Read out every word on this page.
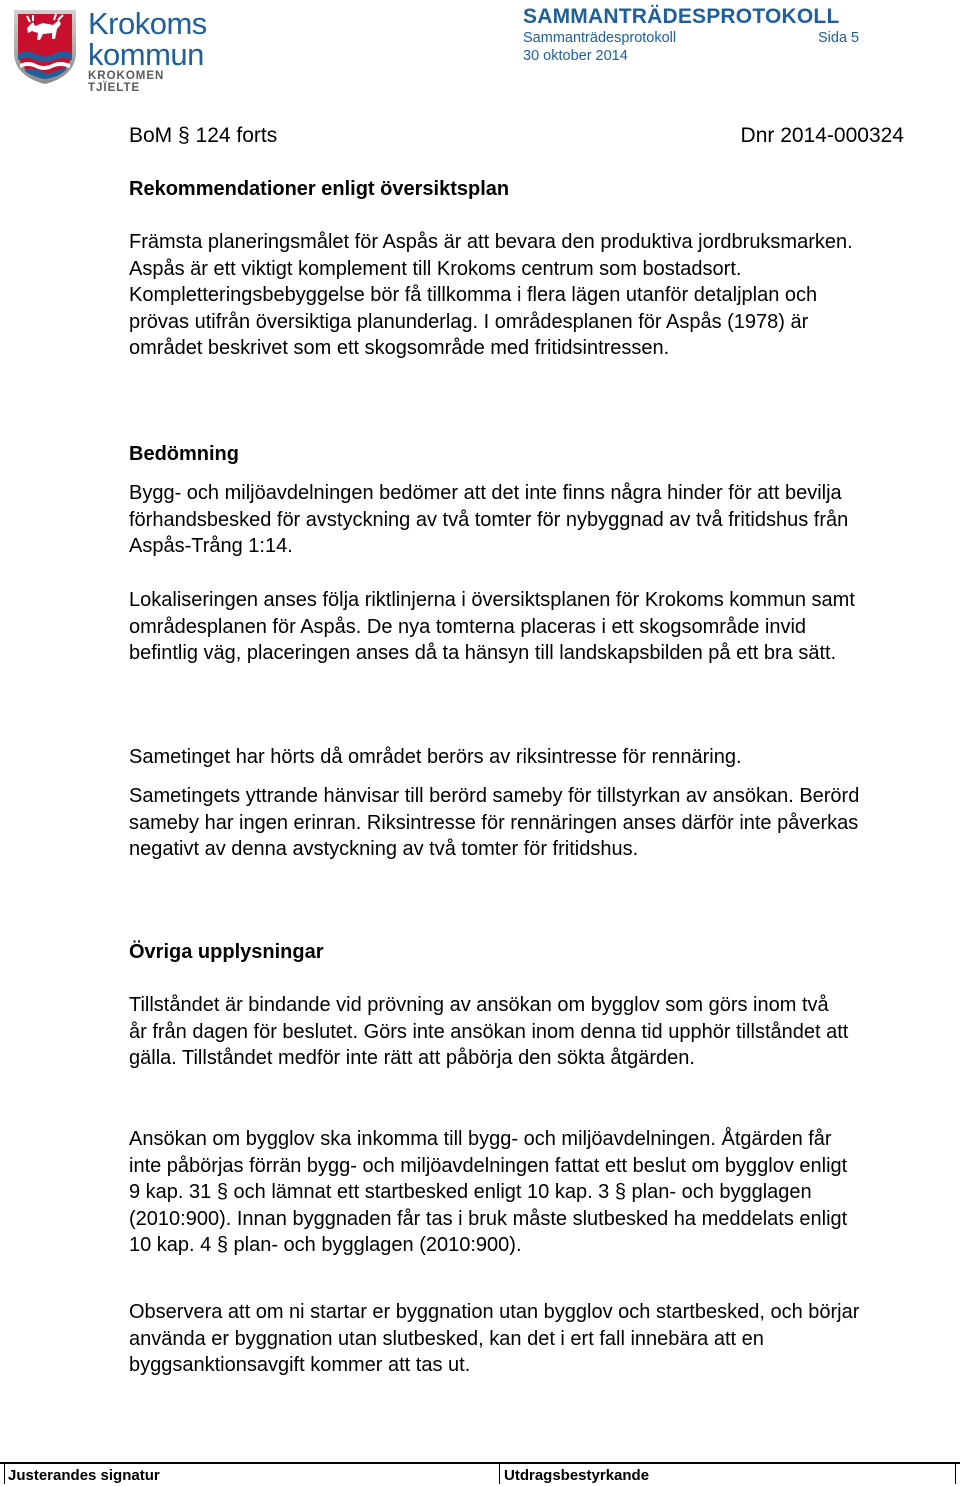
Krokoms
kommun
KROKOMEN TJÏELTE
SAMMANTRÄDESPROTOKOLL
Sammanträdesprotokoll	Sida 5
30 oktober 2014
BoM § 124 forts	Dnr 2014-000324
Rekommendationer enligt översiktsplan

Främsta planeringsmålet för Aspås är att bevara den produktiva jordbruksmarken. Aspås är ett viktigt komplement till Krokoms centrum som bostadsort. Kompletteringsbebyggelse bör få tillkomma i flera lägen utanför detaljplan och prövas utifrån översiktiga planunderlag. I områdesplanen för Aspås (1978) är området beskrivet som ett skogsområde med fritidsintressen.

Bedömning
Bygg- och miljöavdelningen bedömer att det inte finns några hinder för att bevilja förhandsbesked för avstyckning av två tomter för nybyggnad av två fritidshus från Aspås-Trång 1:14.
Lokaliseringen anses följa riktlinjerna i översiktsplanen för Krokoms kommun samt områdesplanen för Aspås. De nya tomterna placeras i ett skogsområde invid befintlig väg, placeringen anses då ta hänsyn till landskapsbilden på ett bra sätt.
Sametinget har hörts då området berörs av riksintresse för rennäring.
Sametingets yttrande hänvisar till berörd sameby för tillstyrkan av ansökan. Berörd sameby har ingen erinran. Riksintresse för rennäringen anses därför inte påverkas negativt av denna avstyckning av två tomter för fritidshus.
Övriga upplysningar
Tillståndet är bindande vid prövning av ansökan om bygglov som görs inom två år från dagen för beslutet. Görs inte ansökan inom denna tid upphör tillståndet att gälla. Tillståndet medför inte rätt att påbörja den sökta åtgärden.
Ansökan om bygglov ska inkomma till bygg- och miljöavdelningen. Åtgärden får inte påbörjas förrän bygg- och miljöavdelningen fattat ett beslut om bygglov enligt 9 kap. 31 § och lämnat ett startbesked enligt 10 kap. 3 § plan- och bygglagen (2010:900). Innan byggnaden får tas i bruk måste slutbesked ha meddelats enligt 10 kap. 4 § plan- och bygglagen (2010:900).
Observera att om ni startar er byggnation utan bygglov och startbesked, och börjar använda er byggnation utan slutbesked, kan det i ert fall innebära att en byggsanktionsavgift kommer att tas ut.
Justerandes signatur	Utdragsbestyrkande
